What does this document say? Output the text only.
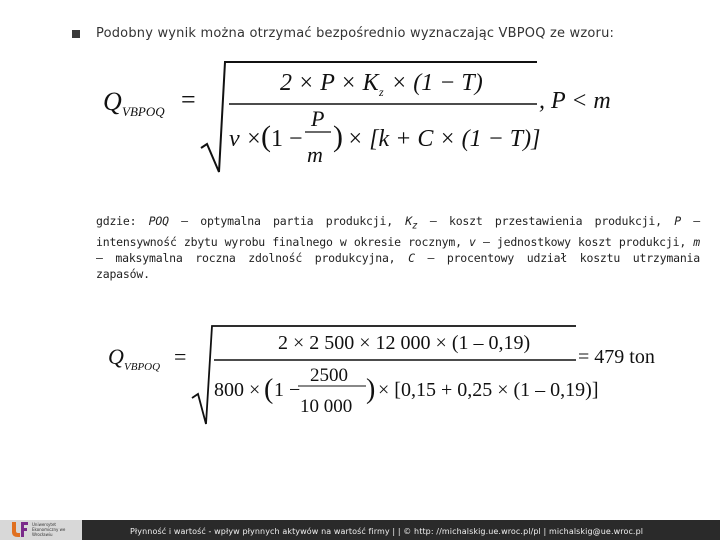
Podobny wynik można otrzymać bezpośrednio wyznaczając VBPOQ ze wzoru:
Q VBPOQ =
2 × P × K z × (1 − T)
v × ( 1 −
P
m
) × [k + C × (1 − T)]
, P < m
gdzie: POQ – optymalna partia produkcji, $K_z$ – koszt przestawienia produkcji, P – intensywność zbytu wyrobu finalnego w okresie rocznym, v – jednostkowy koszt produkcji, m – maksymalna roczna zdolność produkcyjna, C – procentowy udział kosztu utrzymania zapasów.
Q VBPOQ =
2 × 2 500 × 12 000 × (1 – 0,19)
800 × ( 1 −
2500
10 000
) × [0,15 + 0,25 × (1 – 0,19)]
= 479 ton
Uniwersytet Ekonomiczny we Wrocławiu	Płynność i wartość - wpływ płynnych aktywów na wartość firmy | | © http: //michalskig.ue.wroc.pl/pl | michalskig@ue.wroc.pl
